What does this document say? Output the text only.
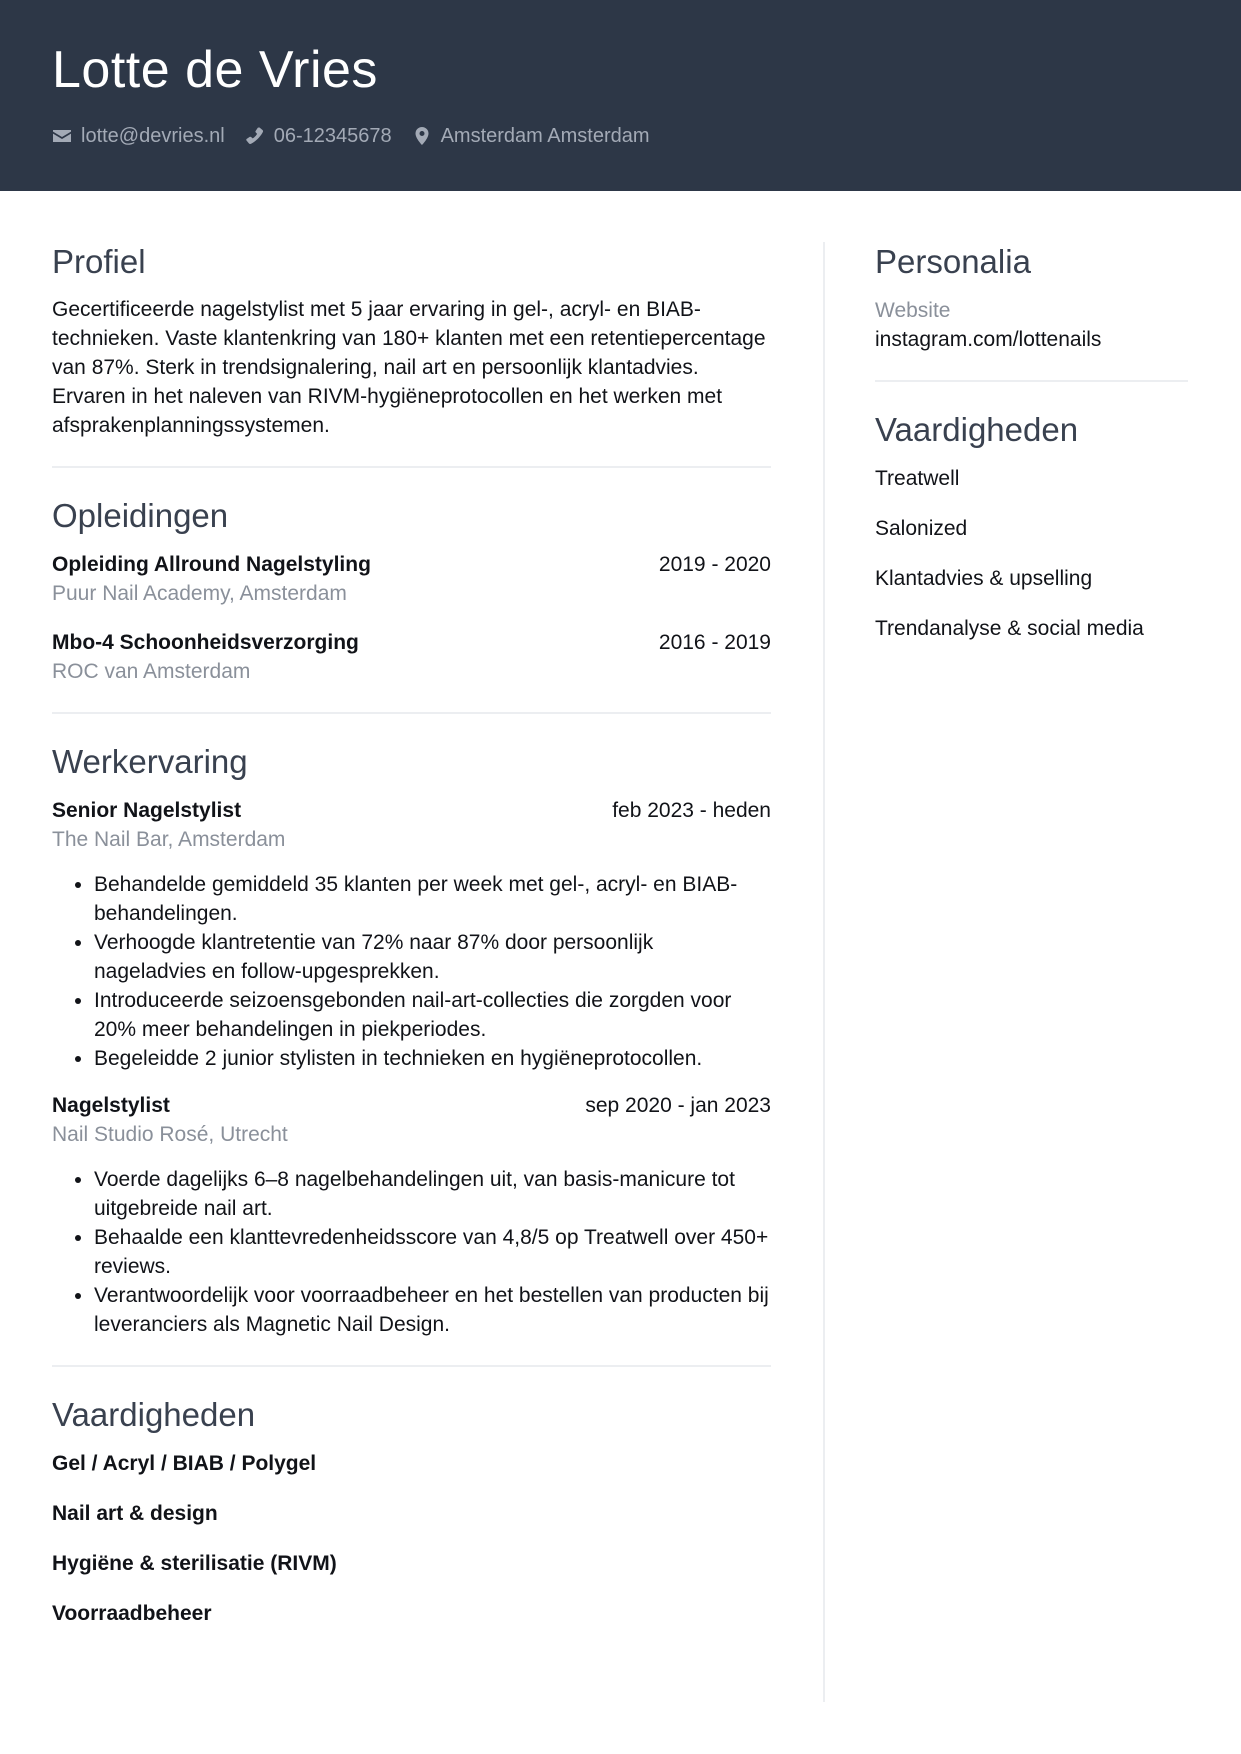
Lotte de Vries
lotte@devries.nl 06-12345678 Amsterdam Amsterdam
Profiel

Gecertificeerde nagelstylist met 5 jaar ervaring in gel-, acryl- en BIAB-technieken. Vaste klantenkring van 180+ klanten met een retentiepercentage van 87%. Sterk in trendsignalering, nail art en persoonlijk klantadvies. Ervaren in het naleven van RIVM-hygiëneprotocollen en het werken met afsprakenplanningssystemen.

Opleidingen
Opleiding Allround Nagelstyling	2019 - 2020
Puur Nail Academy, Amsterdam
Mbo-4 Schoonheidsverzorging	2016 - 2019
ROC van Amsterdam
Werkervaring
Senior Nagelstylist	feb 2023 - heden
The Nail Bar, Amsterdam
• Behandelde gemiddeld 35 klanten per week met gel-, acryl- en BIAB-behandelingen.
• Verhoogde klantretentie van 72% naar 87% door persoonlijk nageladvies en follow-upgesprekken.
• Introduceerde seizoensgebonden nail-art-collecties die zorgden voor 20% meer behandelingen in piekperiodes.
• Begeleidde 2 junior stylisten in technieken en hygiëneprotocollen.
Nagelstylist	sep 2020 - jan 2023
Nail Studio Rosé, Utrecht
• Voerde dagelijks 6–8 nagelbehandelingen uit, van basis-manicure tot uitgebreide nail art.
• Behaalde een klanttevredenheidsscore van 4,8/5 op Treatwell over 450+ reviews.
• Verantwoordelijk voor voorraadbeheer en het bestellen van producten bij leveranciers als Magnetic Nail Design.
Vaardigheden
Gel / Acryl / BIAB / Polygel
Nail art & design
Hygiëne & sterilisatie (RIVM)
Voorraadbeheer
Personalia
Website
instagram.com/lottenails
Vaardigheden
Treatwell
Salonized
Klantadvies & upselling
Trendanalyse & social media
